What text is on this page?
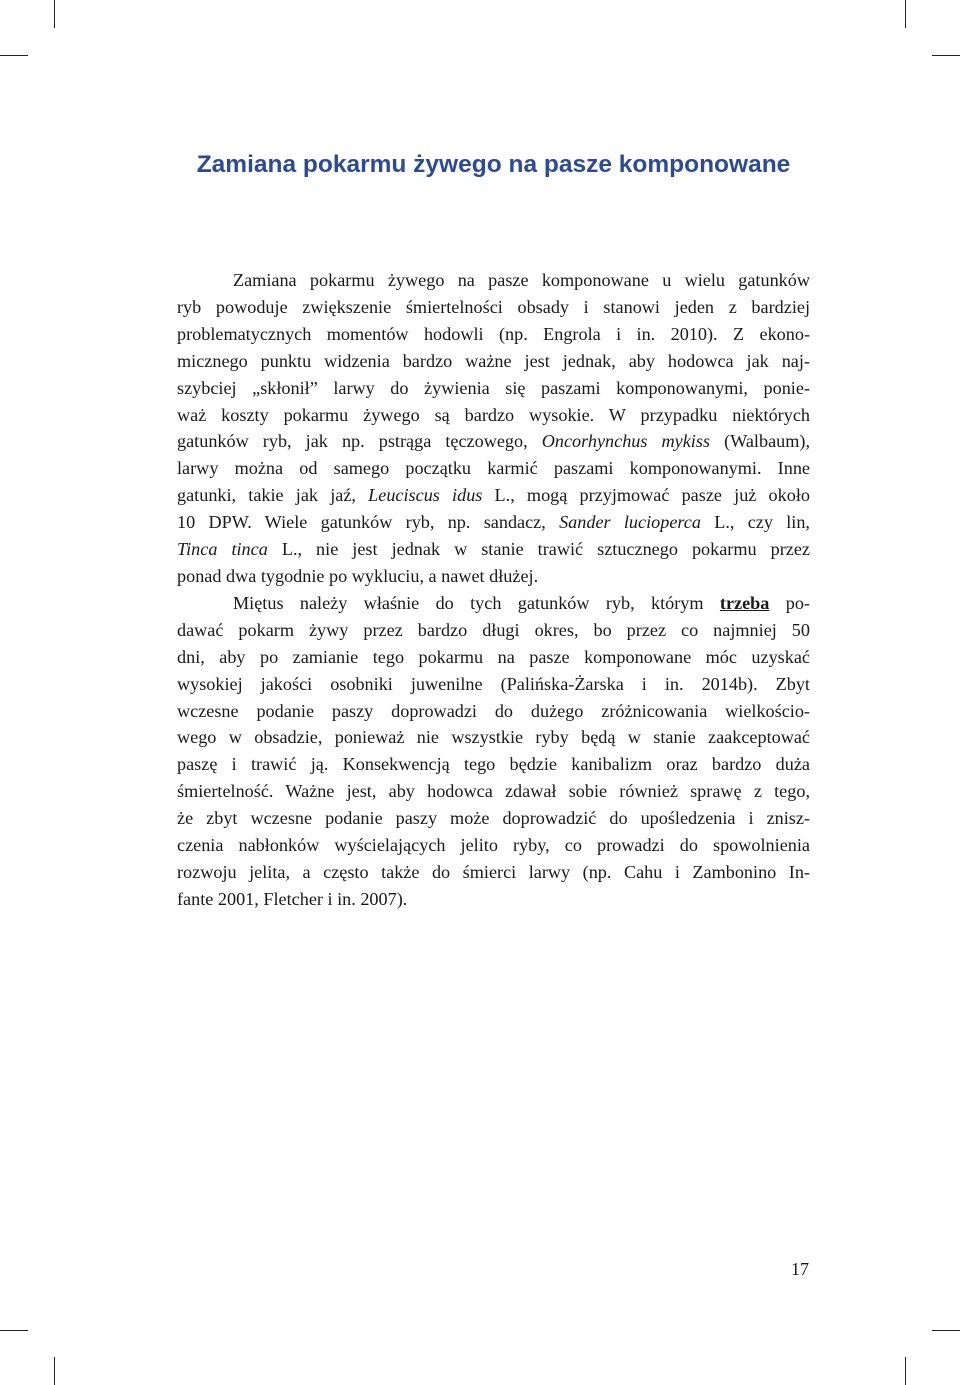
Zamiana pokarmu żywego na pasze komponowane

Zamiana pokarmu żywego na pasze komponowane u wielu gatunków
ryb powoduje zwiększenie śmiertelności obsady i stanowi jeden z bardziej
problematycznych momentów hodowli (np. Engrola i in. 2010). Z ekono-
micznego punktu widzenia bardzo ważne jest jednak, aby hodowca jak naj-
szybciej „skłonił” larwy do żywienia się paszami komponowanymi, ponie-
waż koszty pokarmu żywego są bardzo wysokie. W przypadku niektórych
gatunków ryb, jak np. pstrąga tęczowego, Oncorhynchus mykiss (Walbaum),
larwy można od samego początku karmić paszami komponowanymi. Inne
gatunki, takie jak jaź, Leuciscus idus L., mogą przyjmować pasze już około
10 DPW. Wiele gatunków ryb, np. sandacz, Sander lucioperca L., czy lin,
Tinca tinca L., nie jest jednak w stanie trawić sztucznego pokarmu przez
ponad dwa tygodnie po wykluciu, a nawet dłużej.

Miętus należy właśnie do tych gatunków ryb, którym trzeba po-
dawać pokarm żywy przez bardzo długi okres, bo przez co najmniej 50
dni, aby po zamianie tego pokarmu na pasze komponowane móc uzyskać
wysokiej jakości osobniki juwenilne (Palińska-Żarska i in. 2014b). Zbyt
wczesne podanie paszy doprowadzi do dużego zróżnicowania wielkościo-
wego w obsadzie, ponieważ nie wszystkie ryby będą w stanie zaakceptować
paszę i trawić ją. Konsekwencją tego będzie kanibalizm oraz bardzo duża
śmiertelność. Ważne jest, aby hodowca zdawał sobie również sprawę z tego,
że zbyt wczesne podanie paszy może doprowadzić do upośledzenia i znisz-
czenia nabłonków wyścielających jelito ryby, co prowadzi do spowolnienia
rozwoju jelita, a często także do śmierci larwy (np. Cahu i Zambonino In-
fante 2001, Fletcher i in. 2007).

17
